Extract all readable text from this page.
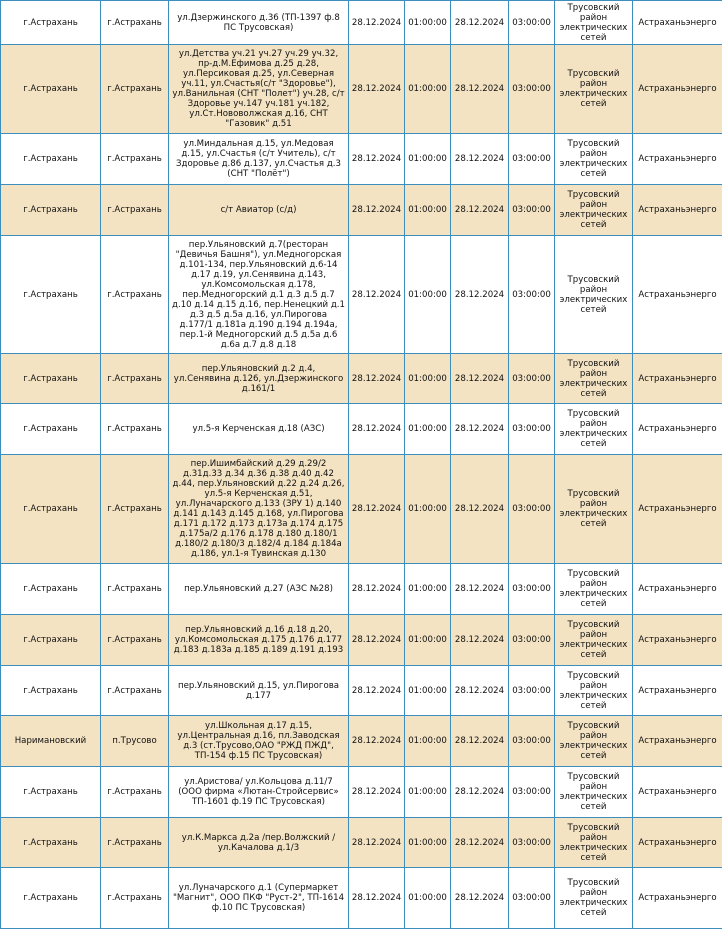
г.Астрахань	г.Астрахань	ул.Дзержинского д.36 (ТП-1397 ф.8 ПС Трусовская)	28.12.2024	01:00:00	28.12.2024	03:00:00	Трусовский район электрических сетей	Астраханьэнерго
г.Астрахань	г.Астрахань	ул.Детства уч.21 уч.27 уч.29 уч.32, пр-д.М.Ефимова д.25 д.28, ул.Персиковая д.25, ул.Северная уч.11, ул.Счастья(с/т "Здоровье"), ул.Ванильная (СНТ "Полет") уч.28, с/т Здоровье уч.147 уч.181 уч.182, ул.Ст.Нововолжская д.16, СНТ "Газовик" д.51	28.12.2024	01:00:00	28.12.2024	03:00:00	Трусовский район электрических сетей	Астраханьэнерго
г.Астрахань	г.Астрахань	ул.Миндальная д.15, ул.Медовая д.15, ул.Счастья (с/т Учитель), с/т Здоровье д.86 д.137, ул.Счастья д.3 (СНТ "Полёт")	28.12.2024	01:00:00	28.12.2024	03:00:00	Трусовский район электрических сетей	Астраханьэнерго
г.Астрахань	г.Астрахань	с/т Авиатор (с/д)	28.12.2024	01:00:00	28.12.2024	03:00:00	Трусовский район электрических сетей	Астраханьэнерго
г.Астрахань	г.Астрахань	пер.Ульяновский д.7(ресторан "Девичья Башня"), ул.Медногорская д.101-134, пер.Ульяновский д.6-14 д.17 д.19, ул.Сенявина д.143, ул.Комсомольская д.178, пер.Медногорский д.1 д.3 д.5 д.7 д.10 д.14 д.15 д.16, пер.Ненецкий д.1 д.3 д.5 д.5а д.16, ул.Пирогова д.177/1 д.181а д.190 д.194 д.194а, пер.1-й Медногорский д.5 д.5а д.6 д.6а д.7 д.8 д.18	28.12.2024	01:00:00	28.12.2024	03:00:00	Трусовский район электрических сетей	Астраханьэнерго
г.Астрахань	г.Астрахань	пер.Ульяновский д.2 д.4, ул.Сенявина д.126, ул.Дзержинского д.161/1	28.12.2024	01:00:00	28.12.2024	03:00:00	Трусовский район электрических сетей	Астраханьэнерго
г.Астрахань	г.Астрахань	ул.5-я Керченская д.18 (АЗС)	28.12.2024	01:00:00	28.12.2024	03:00:00	Трусовский район электрических сетей	Астраханьэнерго
г.Астрахань	г.Астрахань	пер.Ишимбайский д.29 д.29/2 д.31д.33 д.34 д.36 д.38 д.40 д.42 д.44, пер.Ульяновский д.22 д.24 д.26, ул.5-я Керченская д.51, ул.Луначарского д.133 (ЗРУ 1) д.140 д.141 д.143 д.145 д.168, ул.Пирогова д.171 д.172 д.173 д.173а д.174 д.175 д.175а/2 д.176 д.178 д.180 д.180/1 д.180/2 д.180/3 д.182/4 д.184 д.184а д.186, ул.1-я Тувинская д.130	28.12.2024	01:00:00	28.12.2024	03:00:00	Трусовский район электрических сетей	Астраханьэнерго
г.Астрахань	г.Астрахань	пер.Ульяновский д.27 (АЗС №28)	28.12.2024	01:00:00	28.12.2024	03:00:00	Трусовский район электрических сетей	Астраханьэнерго
г.Астрахань	г.Астрахань	пер.Ульяновский д.16 д.18 д.20, ул.Комсомольская д.175 д.176 д.177 д.183 д.183а д.185 д.189 д.191 д.193	28.12.2024	01:00:00	28.12.2024	03:00:00	Трусовский район электрических сетей	Астраханьэнерго
г.Астрахань	г.Астрахань	пер.Ульяновский д.15, ул.Пирогова д.177	28.12.2024	01:00:00	28.12.2024	03:00:00	Трусовский район электрических сетей	Астраханьэнерго
Наримановский	п.Трусово	ул.Школьная д.17 д.15, ул.Центральная д.16, пл.Заводская д.3 (ст.Трусово,ОАО "РЖД ПЖД", ТП-154 ф.15 ПС Трусовская)	28.12.2024	01:00:00	28.12.2024	03:00:00	Трусовский район электрических сетей	Астраханьэнерго
г.Астрахань	г.Астрахань	ул.Аристова/ ул.Кольцова д.11/7 (ООО фирма «Лютан-Стройсервис» ТП-1601 ф.19 ПС Трусовская)	28.12.2024	01:00:00	28.12.2024	03:00:00	Трусовский район электрических сетей	Астраханьэнерго
г.Астрахань	г.Астрахань	ул.К.Маркса д.2а /пер.Волжский / ул.Качалова д.1/3	28.12.2024	01:00:00	28.12.2024	03:00:00	Трусовский район электрических сетей	Астраханьэнерго
г.Астрахань	г.Астрахань	ул.Луначарского д.1 (Супермаркет "Магнит", ООО ПКФ "Руст-2", ТП-1614 ф.10 ПС Трусовская)	28.12.2024	01:00:00	28.12.2024	03:00:00	Трусовский район электрических сетей	Астраханьэнерго
